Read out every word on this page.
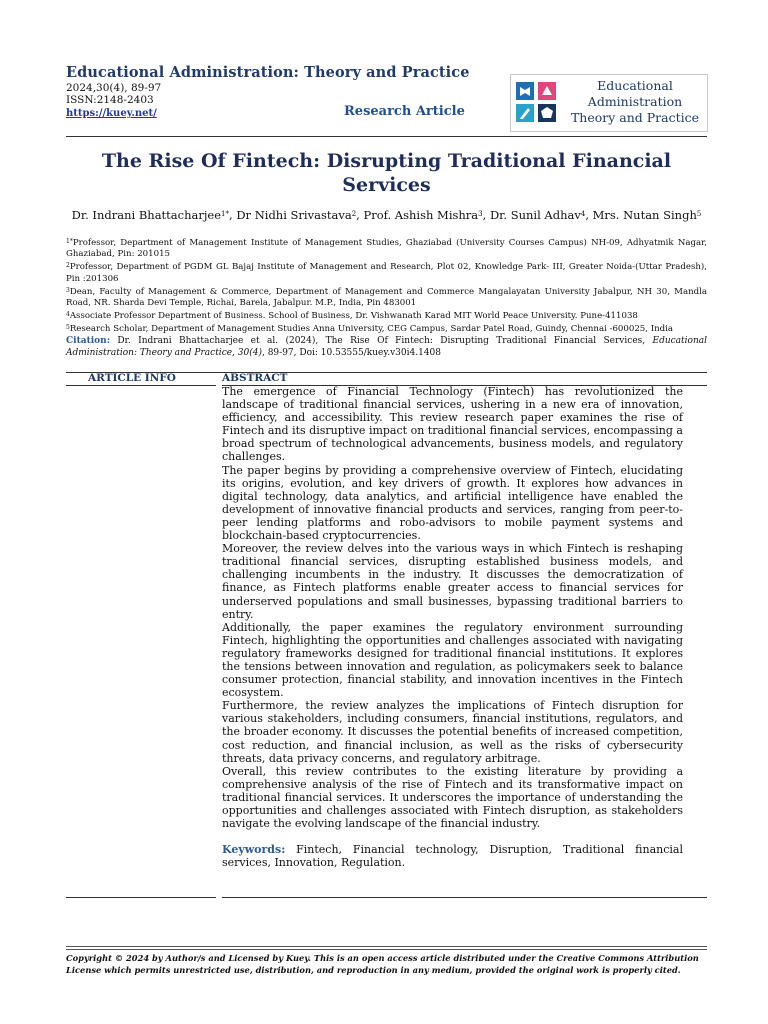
Educational Administration: Theory and Practice
2024,30(4), 89-97
ISSN:2148-2403
https://kuey.net/	Research Article
Educational
Administration
Theory and Practice
The Rise Of Fintech: Disrupting Traditional Financial Services
Dr. Indrani Bhattacharjee$^{1*}$, Dr Nidhi Srivastava$^2$, Prof. Ashish Mishra$^3$, Dr. Sunil Adhav$^4$, Mrs. Nutan Singh$^5$

$^{1*}$Professor, Department of Management Institute of Management Studies, Ghaziabad (University Courses Campus) NH-09, Adhyatmik Nagar, Ghaziabad, Pin: 201015

$^2$Professor, Department of PGDM GL Bajaj Institute of Management and Research, Plot 02, Knowledge Park- III, Greater Noida-(Uttar Pradesh), Pin :201306

$^3$Dean, Faculty of Management & Commerce, Department of Management and Commerce Mangalayatan University Jabalpur, NH 30, Mandla Road, NR. Sharda Devi Temple, Richai, Barela, Jabalpur. M.P., India, Pin 483001

$^4$Associate Professor Department of Business. School of Business, Dr. Vishwanath Karad MIT World Peace University. Pune-411038

$^5$Research Scholar, Department of Management Studies Anna University, CEG Campus, Sardar Patel Road, Guindy, Chennai -600025, India

Citation: Dr. Indrani Bhattacharjee et al. (2024), The Rise Of Fintech: Disrupting Traditional Financial Services, Educational Administration: Theory and Practice, 30(4), 89-97, Doi: 10.53555/kuey.v30i4.1408
ARTICLE INFO	ABSTRACT

The emergence of Financial Technology (Fintech) has revolutionized the landscape of traditional financial services, ushering in a new era of innovation, efficiency, and accessibility. This review research paper examines the rise of Fintech and its disruptive impact on traditional financial services, encompassing a broad spectrum of technological advancements, business models, and regulatory challenges.

The paper begins by providing a comprehensive overview of Fintech, elucidating its origins, evolution, and key drivers of growth. It explores how advances in digital technology, data analytics, and artificial intelligence have enabled the development of innovative financial products and services, ranging from peer-to-peer lending platforms and robo-advisors to mobile payment systems and blockchain-based cryptocurrencies.

Moreover, the review delves into the various ways in which Fintech is reshaping traditional financial services, disrupting established business models, and challenging incumbents in the industry. It discusses the democratization of finance, as Fintech platforms enable greater access to financial services for underserved populations and small businesses, bypassing traditional barriers to entry.

Additionally, the paper examines the regulatory environment surrounding Fintech, highlighting the opportunities and challenges associated with navigating regulatory frameworks designed for traditional financial institutions. It explores the tensions between innovation and regulation, as policymakers seek to balance consumer protection, financial stability, and innovation incentives in the Fintech ecosystem.

Furthermore, the review analyzes the implications of Fintech disruption for various stakeholders, including consumers, financial institutions, regulators, and the broader economy. It discusses the potential benefits of increased competition, cost reduction, and financial inclusion, as well as the risks of cybersecurity threats, data privacy concerns, and regulatory arbitrage.

Overall, this review contributes to the existing literature by providing a comprehensive analysis of the rise of Fintech and its transformative impact on traditional financial services. It underscores the importance of understanding the opportunities and challenges associated with Fintech disruption, as stakeholders navigate the evolving landscape of the financial industry.

Keywords: Fintech, Financial technology, Disruption, Traditional financial services, Innovation, Regulation.

Copyright © 2024 by Author/s and Licensed by Kuey. This is an open access article distributed under the Creative Commons Attribution License which permits unrestricted use, distribution, and reproduction in any medium, provided the original work is properly cited.
